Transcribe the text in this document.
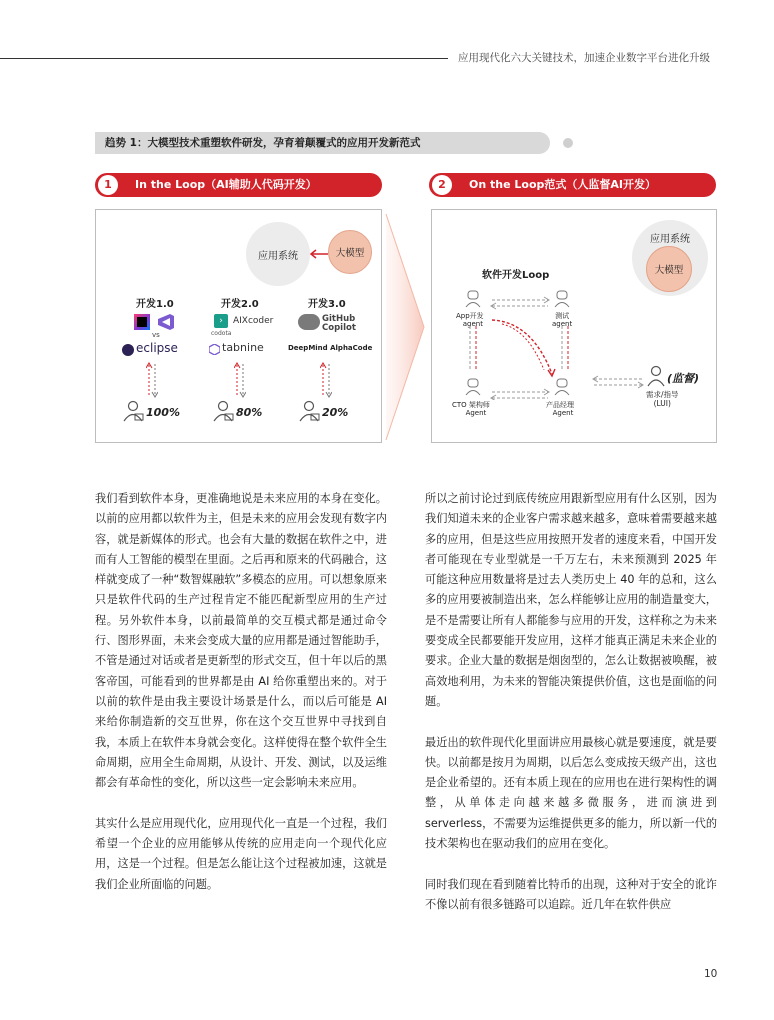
应用现代化六大关键技术，加速企业数字平台进化升级
趋势 1：大模型技术重塑软件研发，孕育着颠覆式的应用开发新范式
1	In the Loop（AI辅助人代码开发）	2	On the Loop范式（人监督AI开发）
应用系统	大模型
开发1.0	开发2.0	开发3.0
vs
eclipse
›
codota
AIXcoder
tabnine
GitHub Copilot
DeepMind AlphaCode
100%	80%	20%
应用系统
大模型
软件开发Loop
App开发
agent
测试
agent
CTO 架构师
Agent
产品经理
Agent
(监督)
需求/指导
(LUI)

我们看到软件本身，更准确地说是未来应用的本身在变化。以前的应用都以软件为主，但是未来的应用会发现有数字内容，就是新媒体的形式。也会有大量的数据在软件之中，进而有人工智能的模型在里面。之后再和原来的代码融合，这样就变成了一种“数智媒融软”多模态的应用。可以想象原来只是软件代码的生产过程肯定不能匹配新型应用的生产过程。另外软件本身，以前最简单的交互模式都是通过命令行、图形界面，未来会变成大量的应用都是通过智能助手，不管是通过对话或者是更新型的形式交互，但十年以后的黑客帝国，可能看到的世界都是由 AI 给你重塑出来的。对于以前的软件是由我主要设计场景是什么，而以后可能是 AI 来给你制造新的交互世界，你在这个交互世界中寻找到自我，本质上在软件本身就会变化。这样使得在整个软件全生命周期，应用全生命周期，从设计、开发、测试，以及运维都会有革命性的变化，所以这些一定会影响未来应用。

其实什么是应用现代化，应用现代化一直是一个过程，我们希望一个企业的应用能够从传统的应用走向一个现代化应用，这是一个过程。但是怎么能让这个过程被加速，这就是我们企业所面临的问题。

所以之前讨论过到底传统应用跟新型应用有什么区别，因为我们知道未来的企业客户需求越来越多，意味着需要越来越多的应用，但是这些应用按照开发者的速度来看，中国开发者可能现在专业型就是一千万左右，未来预测到 2025 年可能这种应用数量将是过去人类历史上 40 年的总和，这么多的应用要被制造出来，怎么样能够让应用的制造量变大，是不是需要让所有人都能参与应用的开发，这样称之为未来要变成全民都要能开发应用，这样才能真正满足未来企业的要求。企业大量的数据是烟囱型的，怎么让数据被唤醒，被高效地利用，为未来的智能决策提供价值，这也是面临的问题。

最近出的软件现代化里面讲应用最核心就是要速度，就是要快。以前都是按月为周期，以后怎么变成按天级产出，这也是企业希望的。还有本质上现在的应用也在进行架构性的调整，从单体走向越来越多微服务，进而演进到 serverless，不需要为运维提供更多的能力，所以新一代的技术架构也在驱动我们的应用在变化。

同时我们现在看到随着比特币的出现，这种对于安全的讹诈不像以前有很多链路可以追踪。近几年在软件供应

10
